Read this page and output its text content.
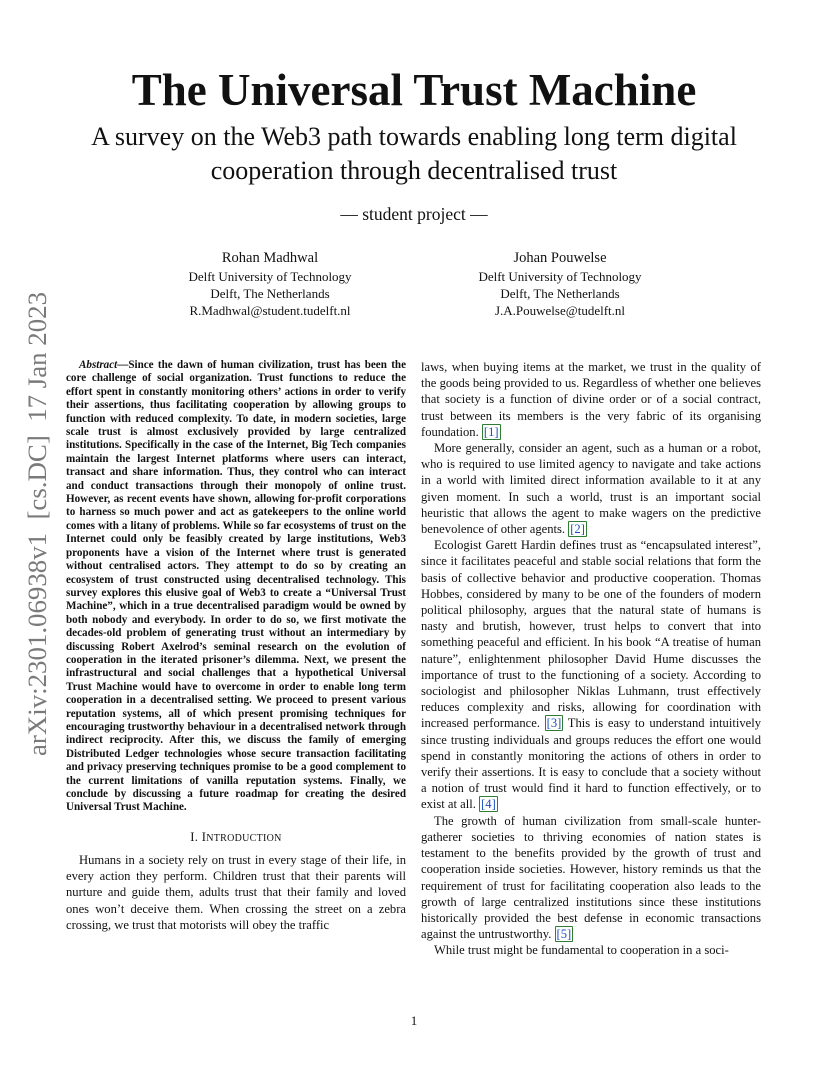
arXiv:2301.06938v1  [cs.DC]  17 Jan 2023
The Universal Trust Machine
A survey on the Web3 path towards enabling long term digital cooperation through decentralised trust
— student project —
Rohan Madhwal
Delft University of Technology
Delft, The Netherlands
R.Madhwal@student.tudelft.nl
Johan Pouwelse
Delft University of Technology
Delft, The Netherlands
J.A.Pouwelse@tudelft.nl

Abstract—Since the dawn of human civilization, trust has been the core challenge of social organization. Trust functions to reduce the effort spent in constantly monitoring others’ actions in order to verify their assertions, thus facilitating cooperation by allowing groups to function with reduced complexity. To date, in modern societies, large scale trust is almost exclusively provided by large centralized institutions. Specifically in the case of the Internet, Big Tech companies maintain the largest Internet platforms where users can interact, transact and share information. Thus, they control who can interact and conduct transactions through their monopoly of online trust. However, as recent events have shown, allowing for-profit corporations to harness so much power and act as gatekeepers to the online world comes with a litany of problems. While so far ecosystems of trust on the Internet could only be feasibly created by large institutions, Web3 proponents have a vision of the Internet where trust is generated without centralised actors. They attempt to do so by creating an ecosystem of trust constructed using decentralised technology. This survey explores this elusive goal of Web3 to create a “Universal Trust Machine”, which in a true decentralised paradigm would be owned by both nobody and everybody. In order to do so, we first motivate the decades-old problem of generating trust without an intermediary by discussing Robert Axelrod’s seminal research on the evolution of cooperation in the iterated prisoner’s dilemma. Next, we present the infrastructural and social challenges that a hypothetical Universal Trust Machine would have to overcome in order to enable long term cooperation in a decentralised setting. We proceed to present various reputation systems, all of which present promising techniques for encouraging trustworthy behaviour in a decentralised network through indirect reciprocity. After this, we discuss the family of emerging Distributed Ledger technologies whose secure transaction facilitating and privacy preserving techniques promise to be a good complement to the current limitations of vanilla reputation systems. Finally, we conclude by discussing a future roadmap for creating the desired Universal Trust Machine.

I. INTRODUCTION

Humans in a society rely on trust in every stage of their life, in every action they perform. Children trust that their parents will nurture and guide them, adults trust that their family and loved ones won’t deceive them. When crossing the street on a zebra crossing, we trust that motorists will obey the traffic

laws, when buying items at the market, we trust in the quality of the goods being provided to us. Regardless of whether one believes that society is a function of divine order or of a social contract, trust between its members is the very fabric of its organising foundation. [1]

More generally, consider an agent, such as a human or a robot, who is required to use limited agency to navigate and take actions in a world with limited direct information available to it at any given moment. In such a world, trust is an important social heuristic that allows the agent to make wagers on the predictive benevolence of other agents. [2]

Ecologist Garett Hardin defines trust as “encapsulated interest”, since it facilitates peaceful and stable social relations that form the basis of collective behavior and productive cooperation. Thomas Hobbes, considered by many to be one of the founders of modern political philosophy, argues that the natural state of humans is nasty and brutish, however, trust helps to convert that into something peaceful and efficient. In his book “A treatise of human nature”, enlightenment philosopher David Hume discusses the importance of trust to the functioning of a society. According to sociologist and philosopher Niklas Luhmann, trust effectively reduces complexity and risks, allowing for coordination with increased performance. [3] This is easy to understand intuitively since trusting individuals and groups reduces the effort one would spend in constantly monitoring the actions of others in order to verify their assertions. It is easy to conclude that a society without a notion of trust would find it hard to function effectively, or to exist at all. [4]

The growth of human civilization from small-scale hunter-gatherer societies to thriving economies of nation states is testament to the benefits provided by the growth of trust and cooperation inside societies. However, history reminds us that the requirement of trust for facilitating cooperation also leads to the growth of large centralized institutions since these institutions historically provided the best defense in economic transactions against the untrustworthy. [5]

While trust might be fundamental to cooperation in a soci-

1
